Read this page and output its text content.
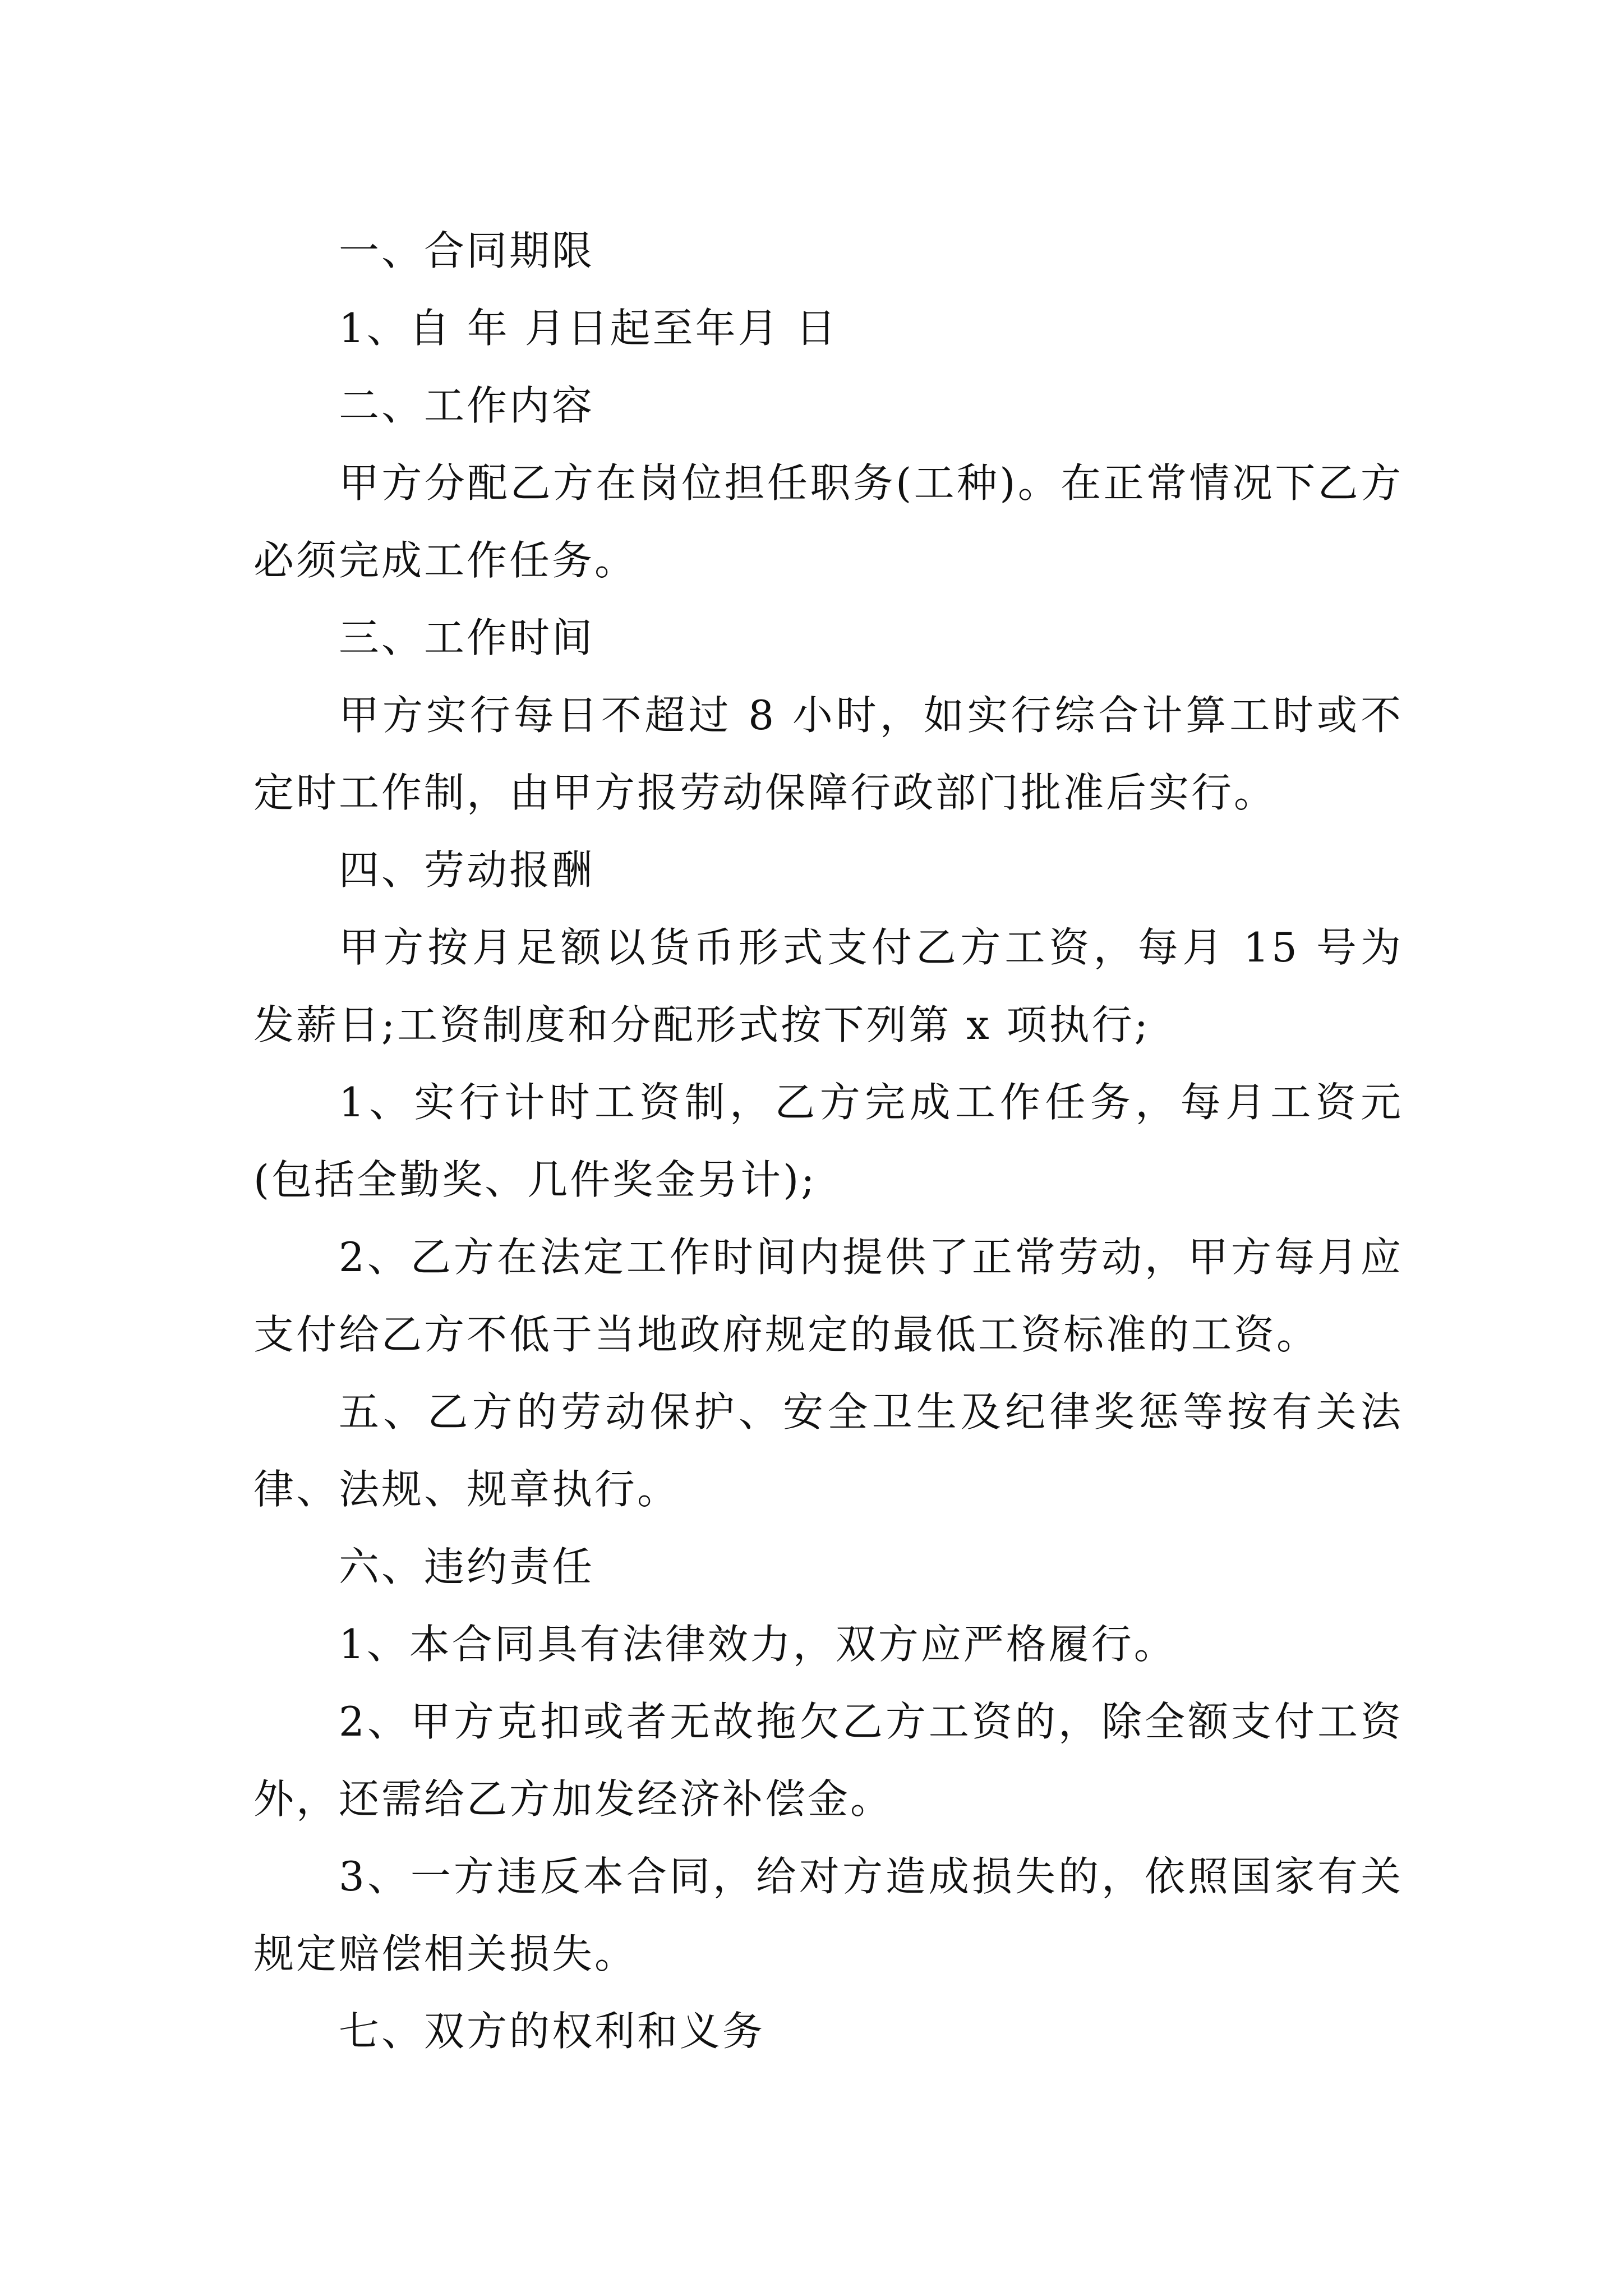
一、合同期限

1、自 年 月日起至年月 日

二、工作内容

甲方分配乙方在岗位担任职务(工种)。在正常情况下乙方必须完成工作任务。

三、工作时间

甲方实行每日不超过 8 小时，如实行综合计算工时或不定时工作制，由甲方报劳动保障行政部门批准后实行。

四、劳动报酬

甲方按月足额以货币形式支付乙方工资，每月 15 号为发薪日;工资制度和分配形式按下列第 x 项执行;

1、实行计时工资制，乙方完成工作任务，每月工资元(包括全勤奖、几件奖金另计);

2、乙方在法定工作时间内提供了正常劳动，甲方每月应支付给乙方不低于当地政府规定的最低工资标准的工资。

五、乙方的劳动保护、安全卫生及纪律奖惩等按有关法律、法规、规章执行。

六、违约责任

1、本合同具有法律效力，双方应严格履行。

2、甲方克扣或者无故拖欠乙方工资的，除全额支付工资外，还需给乙方加发经济补偿金。

3、一方违反本合同，给对方造成损失的，依照国家有关规定赔偿相关损失。

七、双方的权利和义务
